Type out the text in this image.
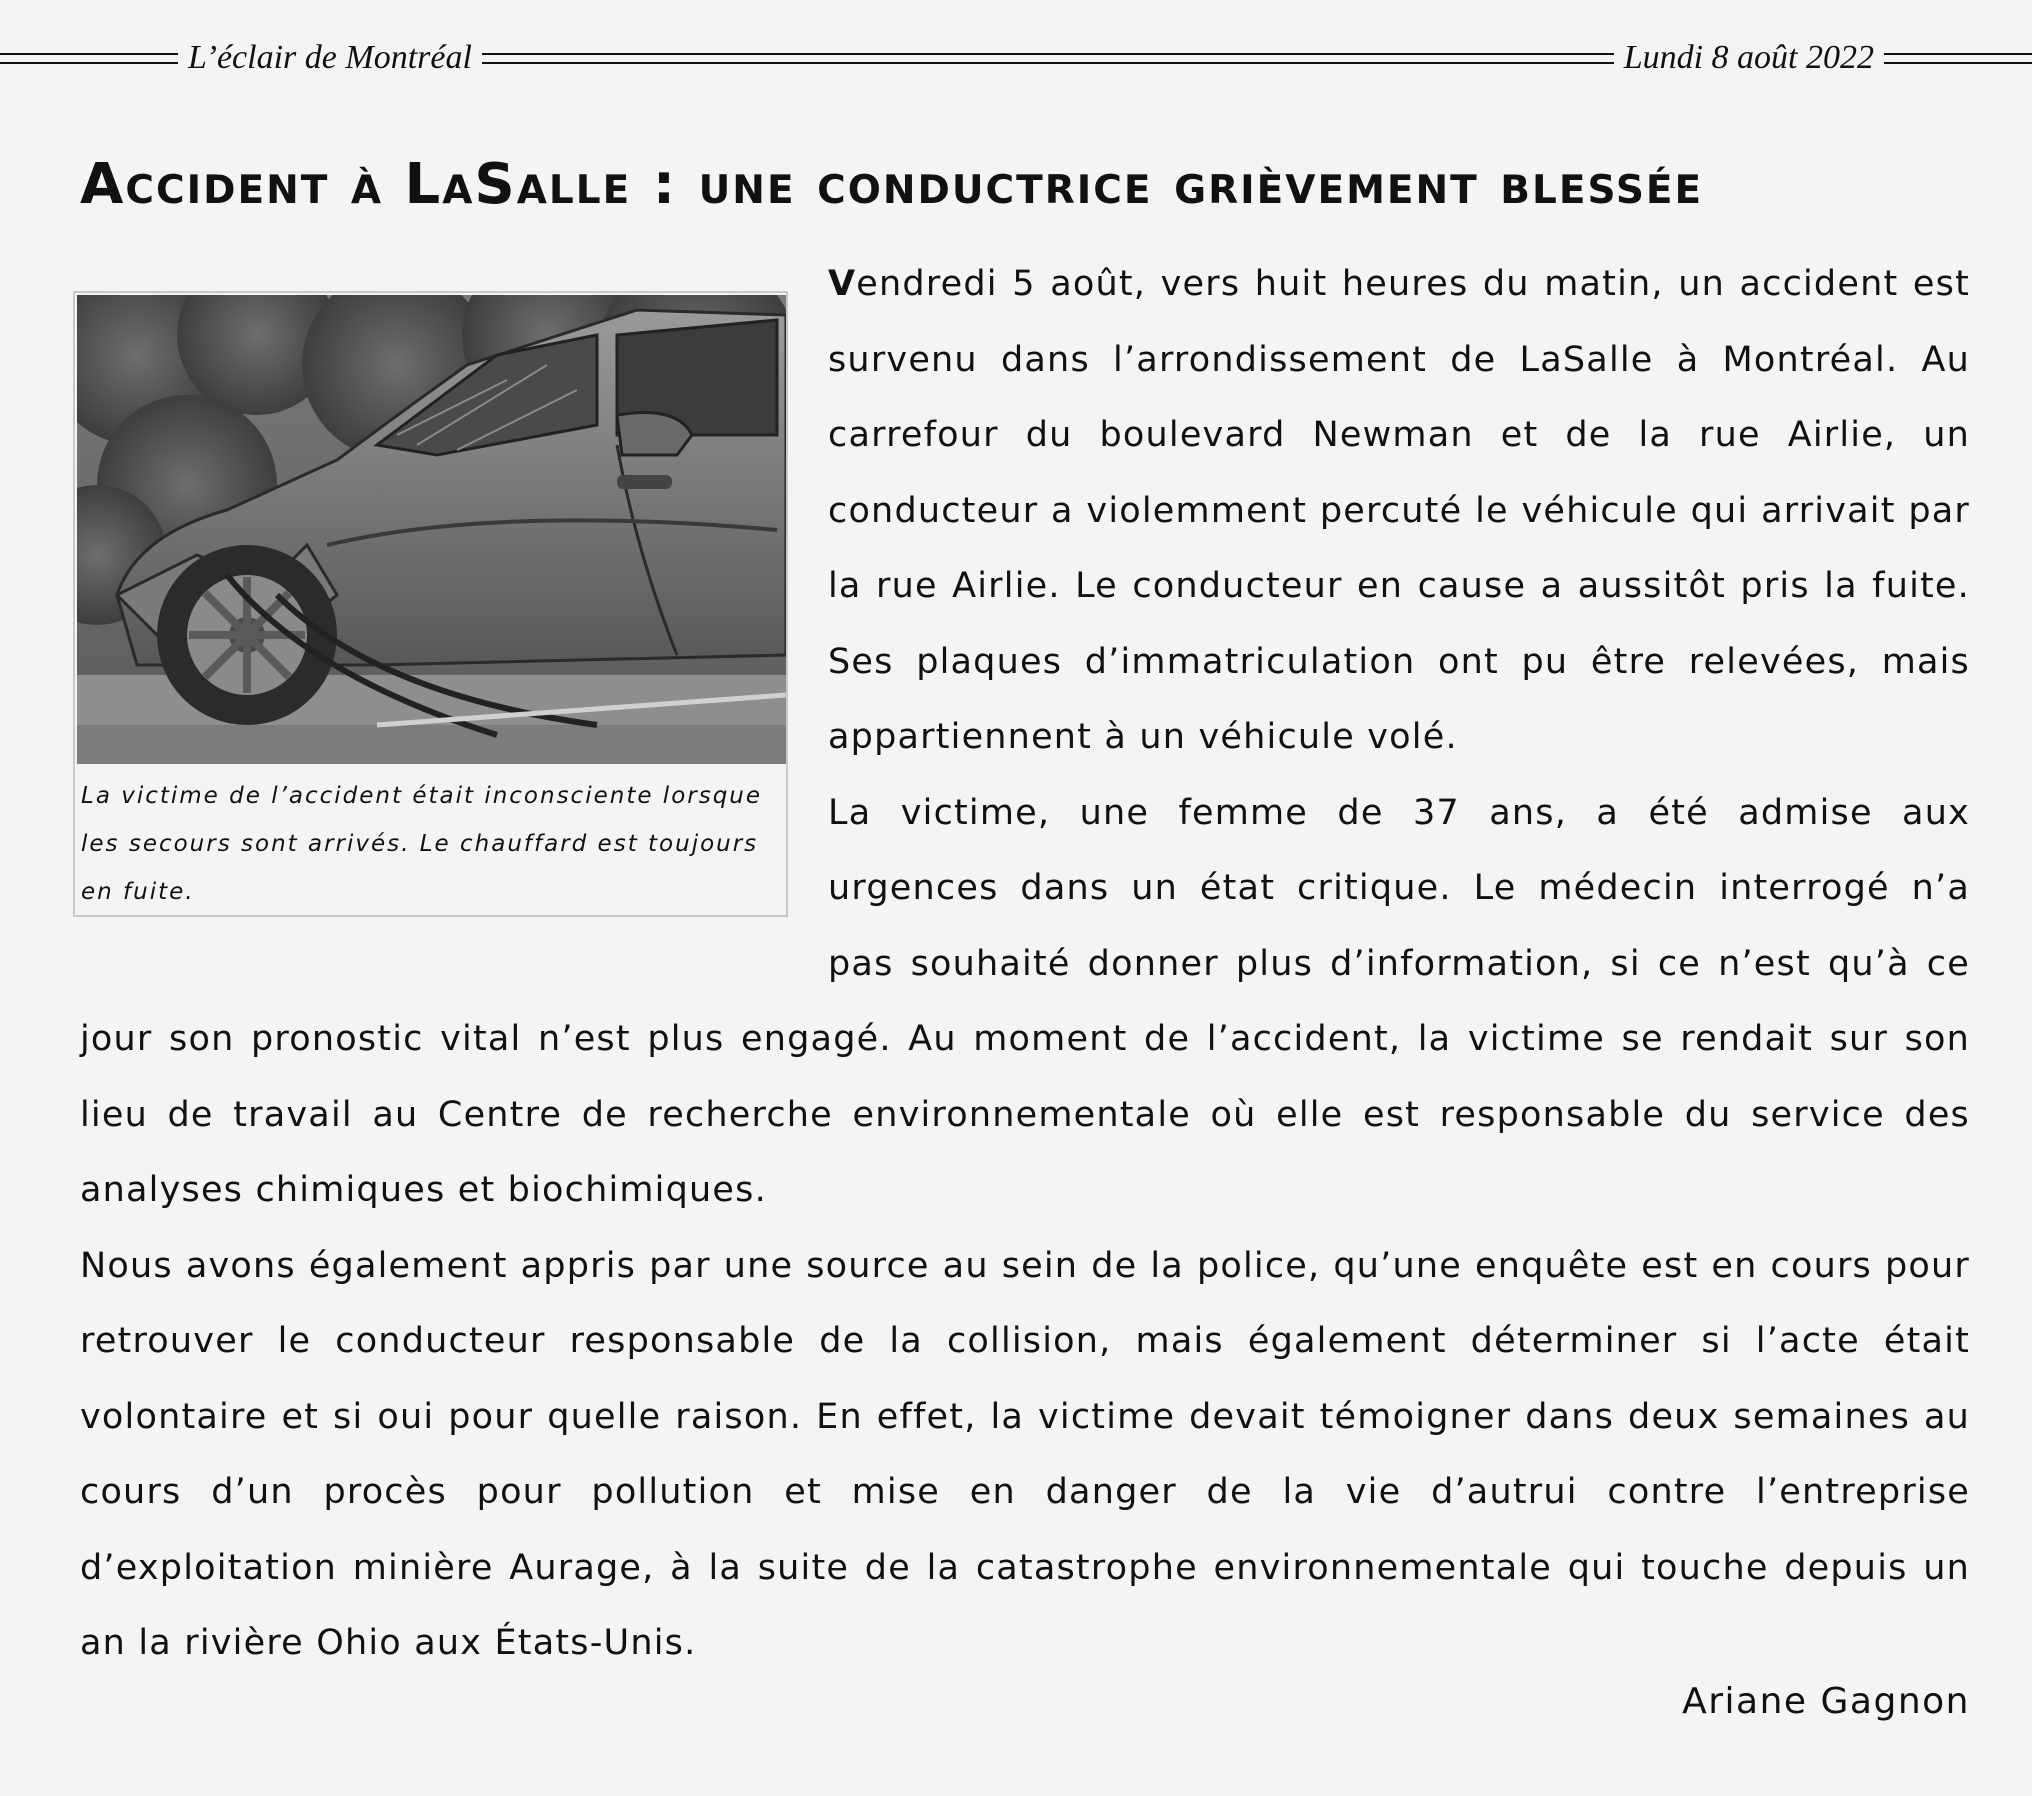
L’éclair de Montréal	Lundi 8 août 2022
Accident à LaSalle : une conductrice grièvement blessée
La victime de l’accident était inconsciente lorsque les secours sont arrivés. Le chauffard est toujours en fuite.

Vendredi 5 août, vers huit heures du matin, un accident est survenu dans l’arrondissement de LaSalle à Montréal. Au carrefour du boulevard Newman et de la rue Airlie, un conducteur a violemment percuté le véhicule qui arrivait par la rue Airlie. Le conducteur en cause a aussitôt pris la fuite. Ses plaques d’immatriculation ont pu être relevées, mais appartiennent à un véhicule volé.

La victime, une femme de 37 ans, a été admise aux urgences dans un état critique. Le médecin interrogé n’a pas souhaité donner plus d’information, si ce n’est qu’à ce jour son pronostic vital n’est plus engagé. Au moment de l’accident, la victime se rendait sur son lieu de travail au Centre de recherche environnementale où elle est responsable du service des analyses chimiques et biochimiques.

Nous avons également appris par une source au sein de la police, qu’une enquête est en cours pour retrouver le conducteur responsable de la collision, mais également déterminer si l’acte était volontaire et si oui pour quelle raison. En effet, la victime devait témoigner dans deux semaines au cours d’un procès pour pollution et mise en danger de la vie d’autrui contre l’entreprise d’exploitation minière Aurage, à la suite de la catastrophe environnementale qui touche depuis un an la rivière Ohio aux États-Unis.

Ariane Gagnon
